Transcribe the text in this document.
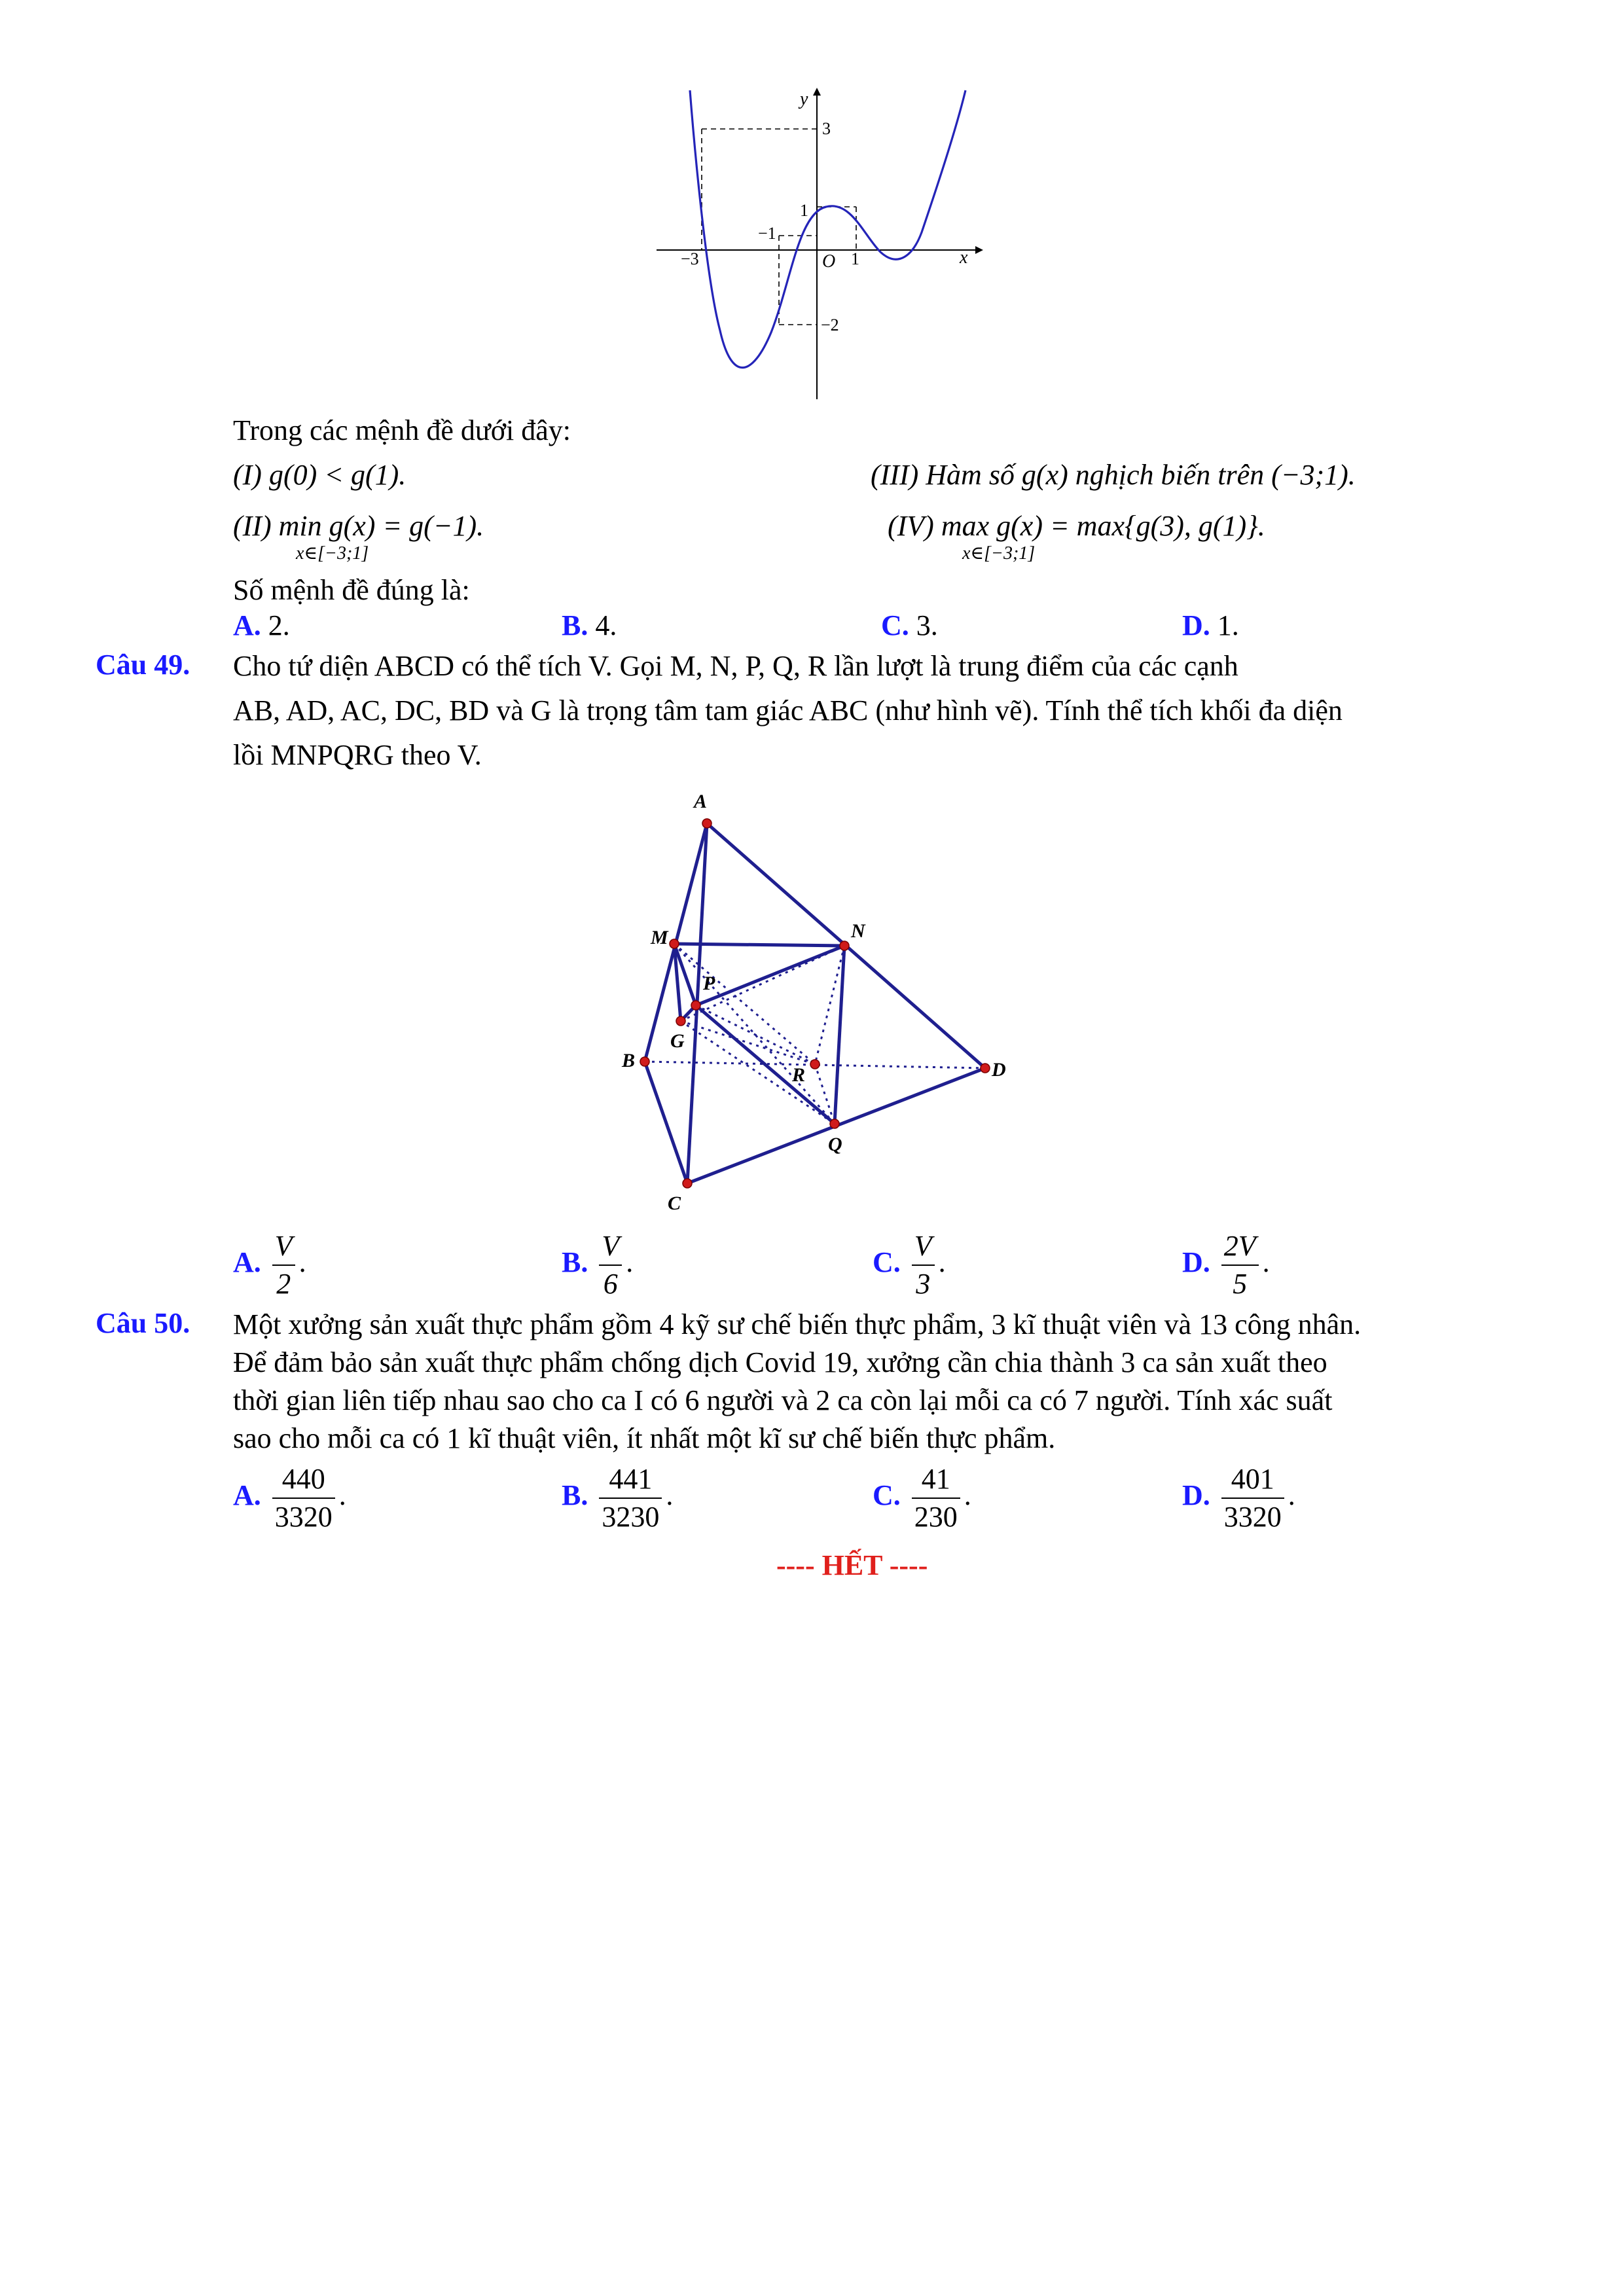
y
x
O
3
1
−1
−2
−3	1
Trong các mệnh đề dưới đây:
(I) g(0) < g(1).	(III) Hàm số g(x) nghịch biến trên (−3;1).
(II) min g(x) = g(−1).
x∈[−3;1]
(IV) max g(x) = max{g(3), g(1)}.
x∈[−3;1]
Số mệnh đề đúng là:
A. 2.	B. 4.	C. 3.	D. 1.
Câu 49. Cho tứ diện ABCD có thể tích V. Gọi M, N, P, Q, R lần lượt là trung điểm của các cạnh
AB, AD, AC, DC, BD và G là trọng tâm tam giác ABC (như hình vẽ). Tính thể tích khối đa diện
lồi MNPQRG theo V.
A
M	N
P
G
B
R	D
Q
C
A. $\frac{V}{2}$ .	B. $\frac{V}{6}$ .	C. $\frac{V}{3}$ .	D. $\frac{2V}{5}$ .
Câu 50. Một xưởng sản xuất thực phẩm gồm 4 kỹ sư chế biến thực phẩm, 3 kĩ thuật viên và 13 công nhân.
Để đảm bảo sản xuất thực phẩm chống dịch Covid 19, xưởng cần chia thành 3 ca sản xuất theo
thời gian liên tiếp nhau sao cho ca I có 6 người và 2 ca còn lại mỗi ca có 7 người. Tính xác suất
sao cho mỗi ca có 1 kĩ thuật viên, ít nhất một kĩ sư chế biến thực phẩm.
A. $\frac{440}{3320}$ .	B. $\frac{441}{3230}$ .	C. $\frac{41}{230}$ .	D. $\frac{401}{3320}$ .
---- HẾT ----
